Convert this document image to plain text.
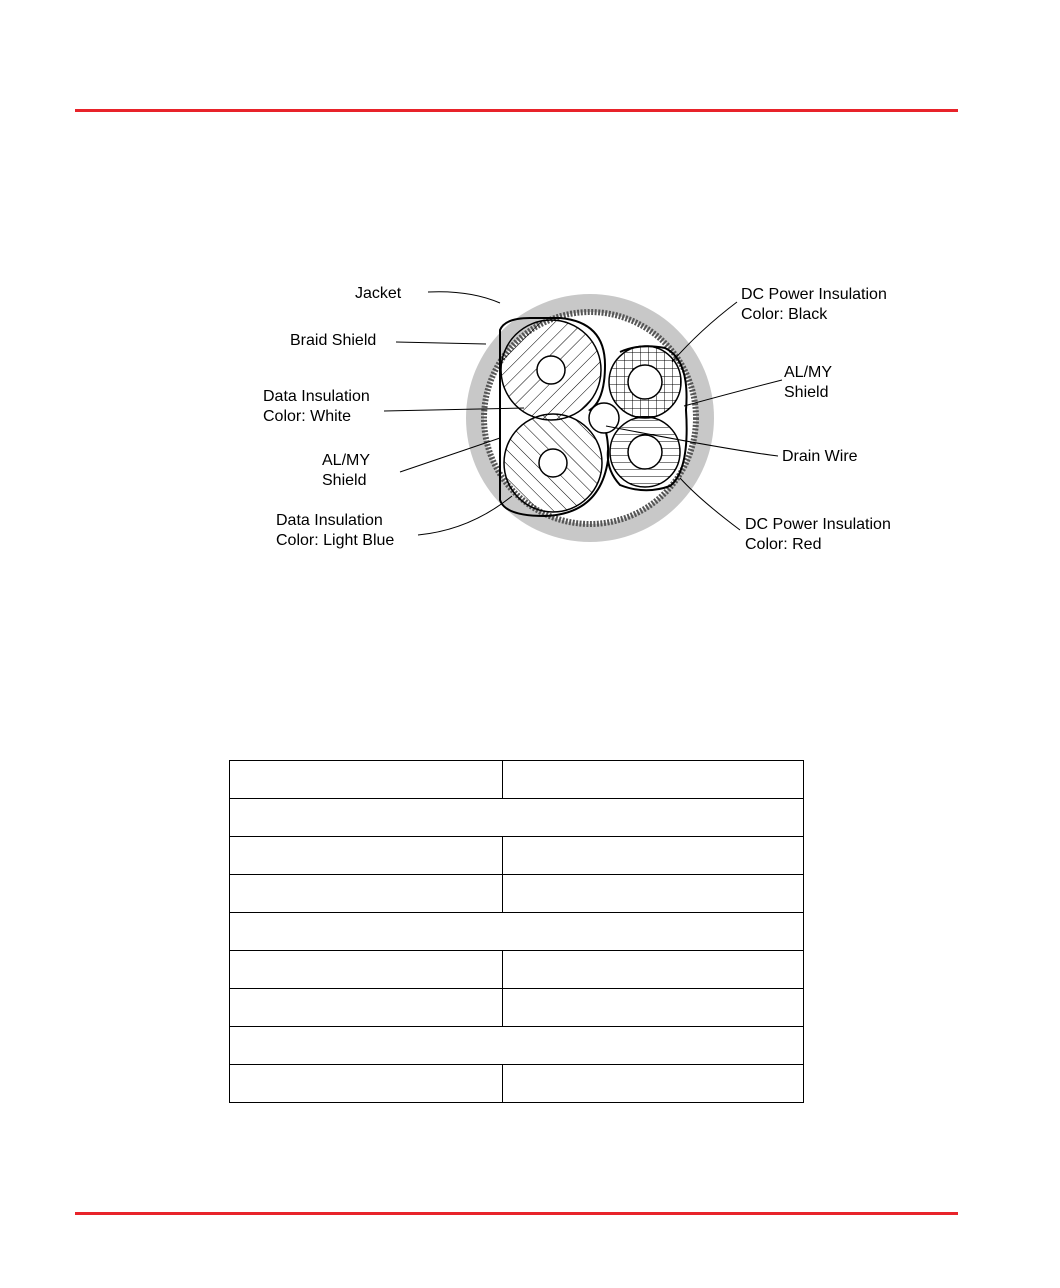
Jacket
Braid Shield
Data Insulation
Color: White
AL/MY
Shield
Data Insulation
Color: Light Blue
DC Power Insulation
Color: Black
AL/MY
Shield
Drain Wire
DC Power Insulation
Color: Red
